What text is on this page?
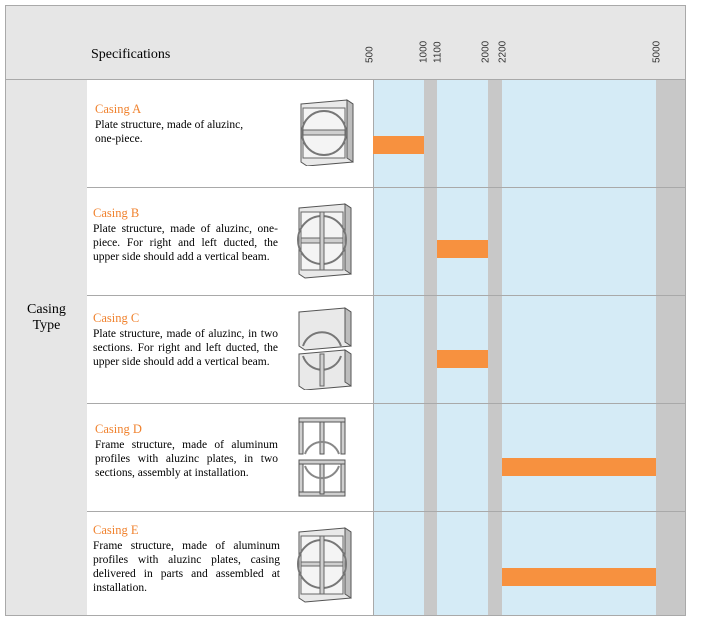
Specifications
Casing
Type
500	1000 1100	2000 2200	5000
Casing A
Plate structure, made of aluzinc, one-piece.
Casing B
Plate structure, made of aluzinc, one-piece. For right and left ducted, the upper side should add a vertical beam.
Casing C
Plate structure, made of aluzinc, in two sections. For right and left ducted, the upper side should add a vertical beam.
Casing D
Frame structure, made of aluminum profiles with aluzinc plates, in two sections, assembly at installation.
Casing E
Frame structure, made of aluminum profiles with aluzinc plates, casing delivered in parts and assembled at installation.
